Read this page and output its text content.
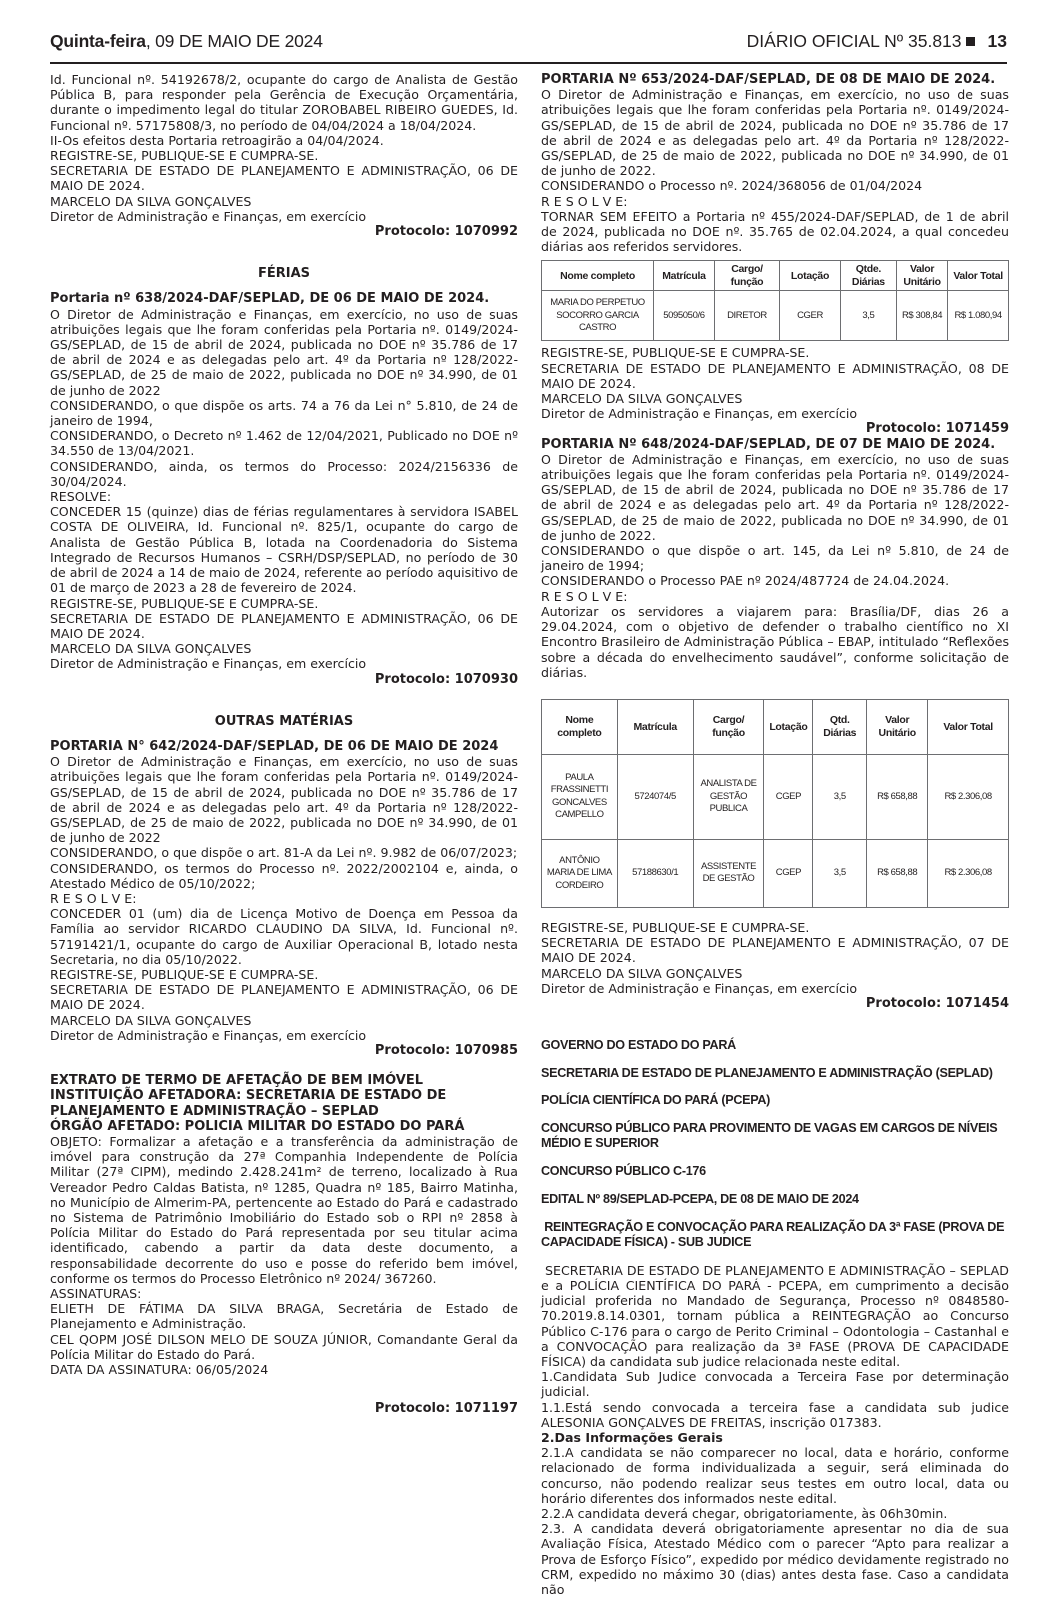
Quinta-feira, 09 DE MAIO DE 2024	DIÁRIO OFICIAL Nº 35.813 13

Id. Funcional nº. 54192678/2, ocupante do cargo de Analista de Gestão Pública B, para responder pela Gerência de Execução Orçamentária, durante o impedimento legal do titular ZOROBABEL RIBEIRO GUEDES, Id. Funcional nº. 57175808/3, no período de 04/04/2024 a 18/04/2024.

II-Os efeitos desta Portaria retroagirão a 04/04/2024.

REGISTRE-SE, PUBLIQUE-SE E CUMPRA-SE.

SECRETARIA DE ESTADO DE PLANEJAMENTO E ADMINISTRAÇÃO, 06 DE MAIO DE 2024.

MARCELO DA SILVA GONÇALVES

Diretor de Administração e Finanças, em exercício

Protocolo: 1070992

FÉRIAS

Portaria nº 638/2024-DAF/SEPLAD, DE 06 DE MAIO DE 2024.

O Diretor de Administração e Finanças, em exercício, no uso de suas atribuições legais que lhe foram conferidas pela Portaria nº. 0149/2024-GS/SEPLAD, de 15 de abril de 2024, publicada no DOE nº 35.786 de 17 de abril de 2024 e as delegadas pelo art. 4º da Portaria nº 128/2022-GS/SEPLAD, de 25 de maio de 2022, publicada no DOE nº 34.990, de 01 de junho de 2022

CONSIDERANDO, o que dispõe os arts. 74 a 76 da Lei n° 5.810, de 24 de janeiro de 1994,

CONSIDERANDO, o Decreto nº 1.462 de 12/04/2021, Publicado no DOE nº 34.550 de 13/04/2021.

CONSIDERANDO, ainda, os termos do Processo: 2024/2156336 de 30/04/2024.

RESOLVE:

CONCEDER 15 (quinze) dias de férias regulamentares à servidora ISABEL COSTA DE OLIVEIRA, Id. Funcional nº. 825/1, ocupante do cargo de Analista de Gestão Pública B, lotada na Coordenadoria do Sistema Integrado de Recursos Humanos – CSRH/DSP/SEPLAD, no período de 30 de abril de 2024 a 14 de maio de 2024, referente ao período aquisitivo de 01 de março de 2023 a 28 de fevereiro de 2024.

REGISTRE-SE, PUBLIQUE-SE E CUMPRA-SE.

SECRETARIA DE ESTADO DE PLANEJAMENTO E ADMINISTRAÇÃO, 06 DE MAIO DE 2024.

MARCELO DA SILVA GONÇALVES

Diretor de Administração e Finanças, em exercício

Protocolo: 1070930

OUTRAS MATÉRIAS

PORTARIA N° 642/2024-DAF/SEPLAD, DE 06 DE MAIO DE 2024

O Diretor de Administração e Finanças, em exercício, no uso de suas atribuições legais que lhe foram conferidas pela Portaria nº. 0149/2024-GS/SEPLAD, de 15 de abril de 2024, publicada no DOE nº 35.786 de 17 de abril de 2024 e as delegadas pelo art. 4º da Portaria nº 128/2022-GS/SEPLAD, de 25 de maio de 2022, publicada no DOE nº 34.990, de 01 de junho de 2022

CONSIDERANDO, o que dispõe o art. 81-A da Lei nº. 9.982 de 06/07/2023;

CONSIDERANDO, os termos do Processo nº. 2022/2002104 e, ainda, o Atestado Médico de 05/10/2022;

R E S O L V E:

CONCEDER 01 (um) dia de Licença Motivo de Doença em Pessoa da Família ao servidor RICARDO CLAUDINO DA SILVA, Id. Funcional nº. 57191421/1, ocupante do cargo de Auxiliar Operacional B, lotado nesta Secretaria, no dia 05/10/2022.

REGISTRE-SE, PUBLIQUE-SE E CUMPRA-SE.

SECRETARIA DE ESTADO DE PLANEJAMENTO E ADMINISTRAÇÃO, 06 DE MAIO DE 2024.

MARCELO DA SILVA GONÇALVES

Diretor de Administração e Finanças, em exercício

Protocolo: 1070985

EXTRATO DE TERMO DE AFETAÇÃO DE BEM IMÓVEL

INSTITUIÇÃO AFETADORA: SECRETARIA DE ESTADO DE PLANEJAMENTO E ADMINISTRAÇÃO – SEPLAD

ÓRGÃO AFETADO: POLICIA MILITAR DO ESTADO DO PARÁ

OBJETO: Formalizar a afetação e a transferência da administração de imóvel para construção da 27ª Companhia Independente de Polícia Militar (27ª CIPM), medindo 2.428.241m² de terreno, localizado à Rua Vereador Pedro Caldas Batista, nº 1285, Quadra nº 185, Bairro Matinha, no Município de Almerim-PA, pertencente ao Estado do Pará e cadastrado no Sistema de Patrimônio Imobiliário do Estado sob o RPI nº 2858 à Polícia Militar do Estado do Pará representada por seu titular acima identificado, cabendo a partir da data deste documento, a responsabilidade decorrente do uso e posse do referido bem imóvel, conforme os termos do Processo Eletrônico nº 2024/ 367260.

ASSINATURAS:

ELIETH DE FÁTIMA DA SILVA BRAGA, Secretária de Estado de Planejamento e Administração.

CEL QOPM JOSÉ DILSON MELO DE SOUZA JÚNIOR, Comandante Geral da Polícia Militar do Estado do Pará.

DATA DA ASSINATURA: 06/05/2024

Protocolo: 1071197

PORTARIA Nº 653/2024-DAF/SEPLAD, DE 08 DE MAIO DE 2024.

O Diretor de Administração e Finanças, em exercício, no uso de suas atribuições legais que lhe foram conferidas pela Portaria nº. 0149/2024-GS/SEPLAD, de 15 de abril de 2024, publicada no DOE nº 35.786 de 17 de abril de 2024 e as delegadas pelo art. 4º da Portaria nº 128/2022-GS/SEPLAD, de 25 de maio de 2022, publicada no DOE nº 34.990, de 01 de junho de 2022.

CONSIDERANDO o Processo nº. 2024/368056 de 01/04/2024

R E S O L V E:

TORNAR SEM EFEITO a Portaria nº 455/2024-DAF/SEPLAD, de 1 de abril de 2024, publicada no DOE nº. 35.765 de 02.04.2024, a qual concedeu diárias aos referidos servidores.

Nome completo	Matrícula	Cargo/ função	Lotação	Qtde. Diárias	Valor Unitário	Valor Total
MARIA DO PERPETUO SOCORRO GARCIA CASTRO	5095050/6	DIRETOR	CGER	3,5	R$ 308,84	R$ 1.080,94

REGISTRE-SE, PUBLIQUE-SE E CUMPRA-SE.

SECRETARIA DE ESTADO DE PLANEJAMENTO E ADMINISTRAÇÃO, 08 DE MAIO DE 2024.

MARCELO DA SILVA GONÇALVES

Diretor de Administração e Finanças, em exercício

Protocolo: 1071459

PORTARIA Nº 648/2024-DAF/SEPLAD, DE 07 DE MAIO DE 2024.

O Diretor de Administração e Finanças, em exercício, no uso de suas atribuições legais que lhe foram conferidas pela Portaria nº. 0149/2024-GS/SEPLAD, de 15 de abril de 2024, publicada no DOE nº 35.786 de 17 de abril de 2024 e as delegadas pelo art. 4º da Portaria nº 128/2022-GS/SEPLAD, de 25 de maio de 2022, publicada no DOE nº 34.990, de 01 de junho de 2022.

CONSIDERANDO o que dispõe o art. 145, da Lei nº 5.810, de 24 de janeiro de 1994;

CONSIDERANDO o Processo PAE nº 2024/487724 de 24.04.2024.

R E S O L V E:

Autorizar os servidores a viajarem para: Brasília/DF, dias 26 a 29.04.2024, com o objetivo de defender o trabalho científico no XI Encontro Brasileiro de Administração Pública – EBAP, intitulado “Reflexões sobre a década do envelhecimento saudável”, conforme solicitação de diárias.

Nome completo	Matrícula	Cargo/ função	Lotação	Qtd. Diárias	Valor Unitário	Valor Total
PAULA FRASSINETTI GONCALVES CAMPELLO	5724074/5	ANALISTA DE GESTÃO PUBLICA	CGEP	3,5	R$ 658,88	R$ 2.306,08
ANTÔNIO MARIA DE LIMA CORDEIRO	57188630/1	ASSISTENTE DE GESTÃO	CGEP	3,5	R$ 658,88	R$ 2.306,08

REGISTRE-SE, PUBLIQUE-SE E CUMPRA-SE.

SECRETARIA DE ESTADO DE PLANEJAMENTO E ADMINISTRAÇÃO, 07 DE MAIO DE 2024.

MARCELO DA SILVA GONÇALVES

Diretor de Administração e Finanças, em exercício

Protocolo: 1071454

GOVERNO DO ESTADO DO PARÁ

SECRETARIA DE ESTADO DE PLANEJAMENTO E ADMINISTRAÇÃO (SEPLAD)

POLÍCIA CIENTÍFICA DO PARÁ (PCEPA)

CONCURSO PÚBLICO PARA PROVIMENTO DE VAGAS EM CARGOS DE NÍVEIS MÉDIO E SUPERIOR

CONCURSO PÚBLICO C-176

EDITAL Nº 89/SEPLAD-PCEPA, DE 08 DE MAIO DE 2024

REINTEGRAÇÃO E CONVOCAÇÃO PARA REALIZAÇÃO DA 3ª FASE (PROVA DE CAPACIDADE FÍSICA) - SUB JUDICE

SECRETARIA DE ESTADO DE PLANEJAMENTO E ADMINISTRAÇÃO – SEPLAD e a POLÍCIA CIENTÍFICA DO PARÁ - PCEPA, em cumprimento a decisão judicial proferida no Mandado de Segurança, Processo nº 0848580-70.2019.8.14.0301, tornam pública a REINTEGRAÇÃO ao Concurso Público C-176 para o cargo de Perito Criminal – Odontologia – Castanhal e a CONVOCAÇÃO para realização da 3ª FASE (PROVA DE CAPACIDADE FÍSICA) da candidata sub judice relacionada neste edital.

1.Candidata Sub Judice convocada a Terceira Fase por determinação judicial.

1.1.Está sendo convocada a terceira fase a candidata sub judice ALESONIA GONÇALVES DE FREITAS, inscrição 017383.

2.Das Informações Gerais

2.1.A candidata se não comparecer no local, data e horário, conforme relacionado de forma individualizada a seguir, será eliminada do concurso, não podendo realizar seus testes em outro local, data ou horário diferentes dos informados neste edital.

2.2.A candidata deverá chegar, obrigatoriamente, às 06h30min.

2.3. A candidata deverá obrigatoriamente apresentar no dia de sua Avaliação Física, Atestado Médico com o parecer “Apto para realizar a Prova de Esforço Físico”, expedido por médico devidamente registrado no CRM, expedido no máximo 30 (dias) antes desta fase. Caso a candidata não
